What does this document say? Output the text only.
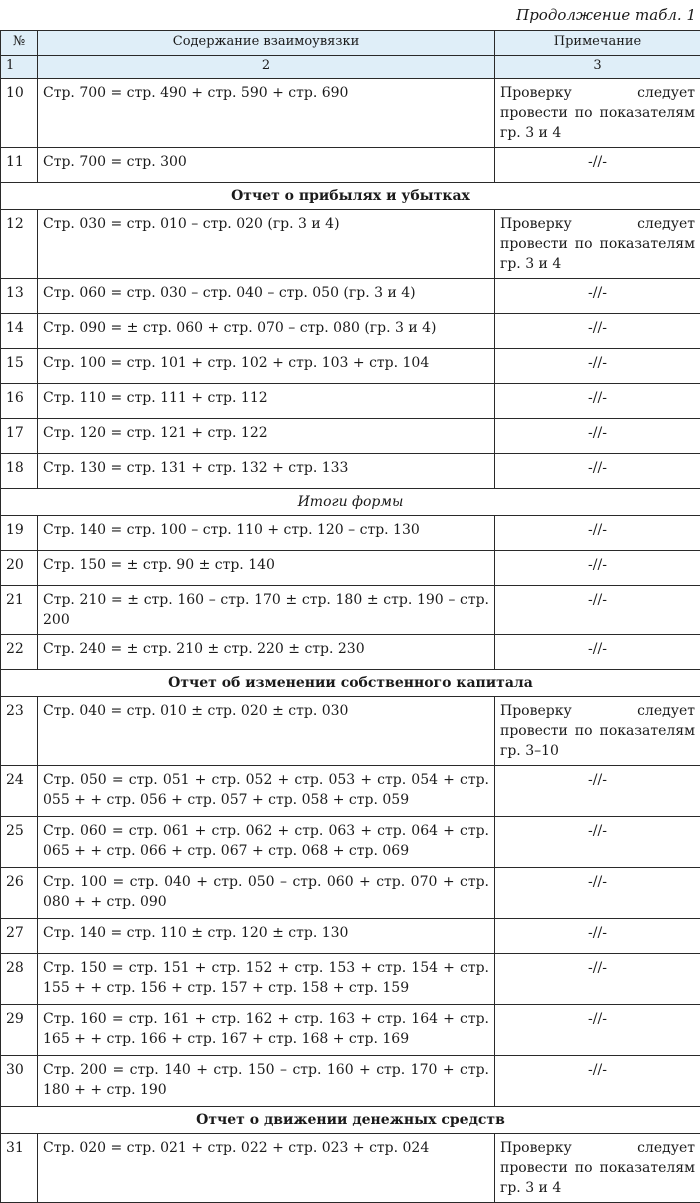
Продолжение табл. 1
№	Содержание взаимоувязки	Примечание
1	2	3
10	Стр. 700 = стр. 490 + стр. 590 + стр. 690	Проверку следует провести по показателям гр. 3 и 4
11	Стр. 700 = стр. 300	-//-
Отчет о прибылях и убытках		
12	Стр. 030 = стр. 010 – стр. 020 (гр. 3 и 4)	Проверку следует провести по показателям гр. 3 и 4
13	Стр. 060 = стр. 030 – стр. 040 – стр. 050 (гр. 3 и 4)	-//-
14	Стр. 090 = ± стр. 060 + стр. 070 – стр. 080 (гр. 3 и 4)	-//-
15	Стр. 100 = стр. 101 + стр. 102 + стр. 103 + стр. 104	-//-
16	Стр. 110 = стр. 111 + стр. 112	-//-
17	Стр. 120 = стр. 121 + стр. 122	-//-
18	Стр. 130 = стр. 131 + стр. 132 + стр. 133	-//-
Итоги формы		
19	Стр. 140 = стр. 100 – стр. 110 + стр. 120 – стр. 130	-//-
20	Стр. 150 = ± стр. 90 ± стр. 140	-//-
21	Стр. 210 = ± стр. 160 – стр. 170 ± стр. 180 ± стр. 190 – стр. 200	-//-
22	Стр. 240 = ± стр. 210 ± стр. 220 ± стр. 230	-//-
Отчет об изменении собственного капитала		
23	Стр. 040 = стр. 010 ± стр. 020 ± стр. 030	Проверку следует провести по показателям гр. 3–10
24	Стр. 050 = стр. 051 + стр. 052 + стр. 053 + стр. 054 + стр. 055 + + стр. 056 + стр. 057 + стр. 058 + стр. 059	-//-
25	Стр. 060 = стр. 061 + стр. 062 + стр. 063 + стр. 064 + стр. 065 + + стр. 066 + стр. 067 + стр. 068 + стр. 069	-//-
26	Стр. 100 = стр. 040 + стр. 050 – стр. 060 + стр. 070 + стр. 080 + + стр. 090	-//-
27	Стр. 140 = стр. 110 ± стр. 120 ± стр. 130	-//-
28	Стр. 150 = стр. 151 + стр. 152 + стр. 153 + стр. 154 + стр. 155 + + стр. 156 + стр. 157 + стр. 158 + стр. 159	-//-
29	Стр. 160 = стр. 161 + стр. 162 + стр. 163 + стр. 164 + стр. 165 + + стр. 166 + стр. 167 + стр. 168 + стр. 169	-//-
30	Стр. 200 = стр. 140 + стр. 150 – стр. 160 + стр. 170 + стр. 180 + + стр. 190	-//-
Отчет о движении денежных средств		
31	Стр. 020 = стр. 021 + стр. 022 + стр. 023 + стр. 024	Проверку следует провести по показателям гр. 3 и 4
